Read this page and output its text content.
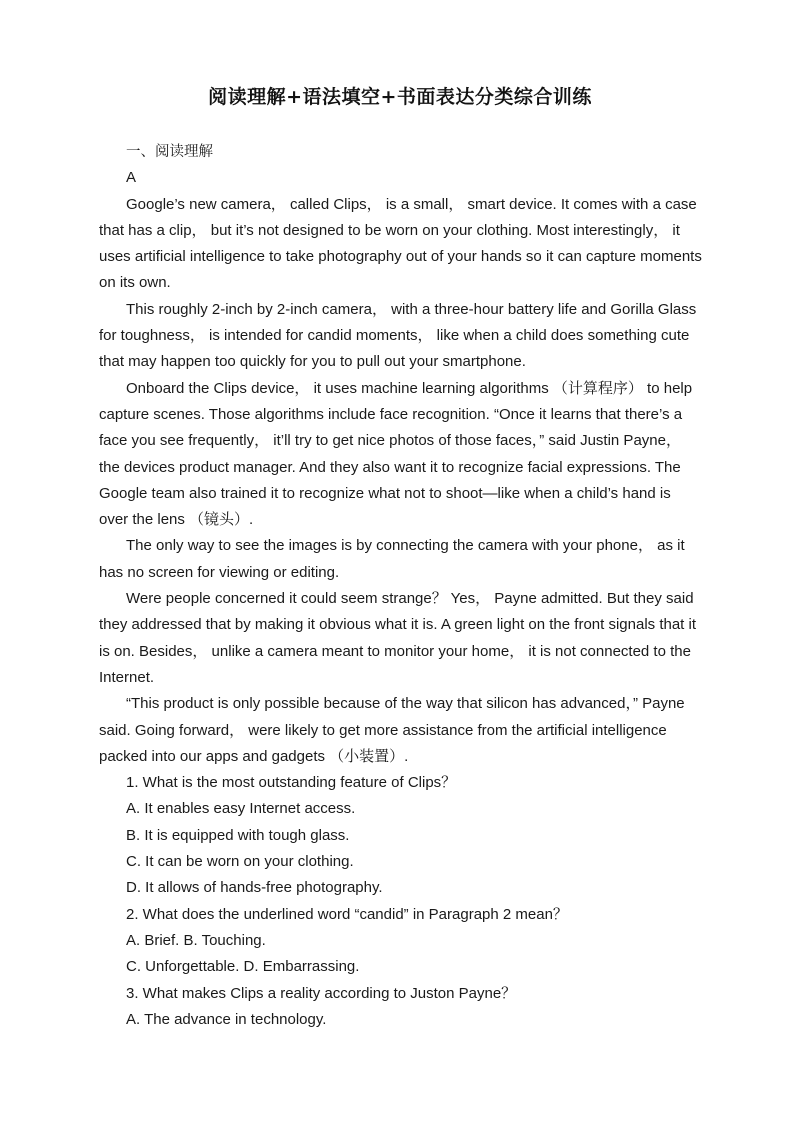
阅读理解+语法填空+书面表达分类综合训练

一、阅读理解

A

Google’s new camera， called Clips， is a small， smart device. It comes with a case that has a clip， but it’s not designed to be worn on your clothing. Most interestingly， it uses artificial intelligence to take photography out of your hands so it can capture moments on its own.

This roughly 2-inch by 2-inch camera， with a three-hour battery life and Gorilla Glass for toughness， is intended for candid moments， like when a child does something cute that may happen too quickly for you to pull out your smartphone.

Onboard the Clips device， it uses machine learning algorithms （计算程序） to help capture scenes. Those algorithms include face recognition. “Once it learns that there’s a face you see frequently， it’ll try to get nice photos of those faces，” said Justin Payne， the devices product manager. And they also want it to recognize facial expressions. The Google team also trained it to recognize what not to shoot—like when a child’s hand is over the lens （镜头）.

The only way to see the images is by connecting the camera with your phone， as it has no screen for viewing or editing.

Were people concerned it could seem strange？ Yes， Payne admitted. But they said they addressed that by making it obvious what it is. A green light on the front signals that it is on. Besides， unlike a camera meant to monitor your home， it is not connected to the Internet.

“This product is only possible because of the way that silicon has advanced，” Payne said. Going forward， were likely to get more assistance from the artificial intelligence packed into our apps and gadgets （小装置）.

1. What is the most outstanding feature of Clips？

A. It enables easy Internet access.

B. It is equipped with tough glass.

C. It can be worn on your clothing.

D. It allows of hands-free photography.

2. What does the underlined word “candid” in Paragraph 2 mean？

A. Brief. B. Touching.

C. Unforgettable. D. Embarrassing.

3. What makes Clips a reality according to Juston Payne？

A. The advance in technology.
